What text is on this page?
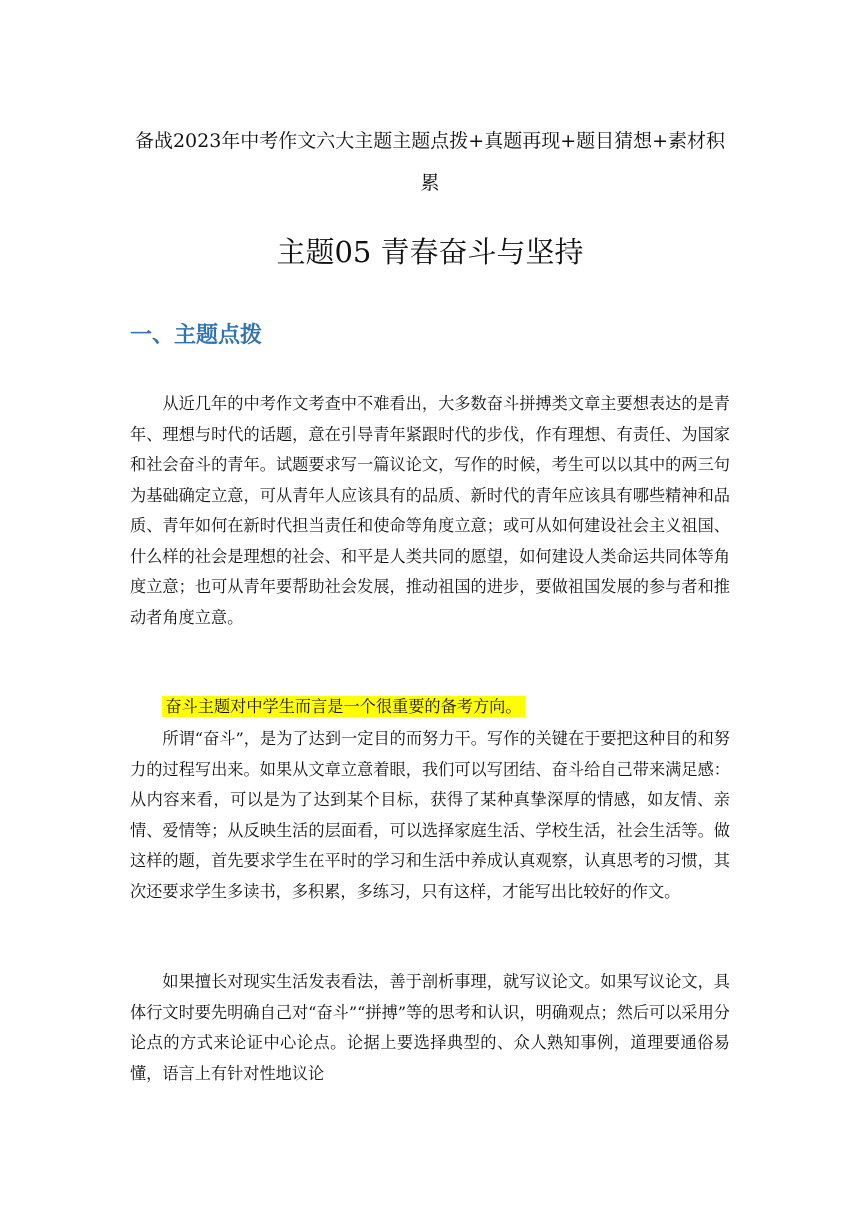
备战2023年中考作文六大主题主题点拨+真题再现+题目猜想+素材积累

主题05 青春奋斗与坚持
一、主题点拨

从近几年的中考作文考查中不难看出，大多数奋斗拼搏类文章主要想表达的是青年、理想与时代的话题，意在引导青年紧跟时代的步伐，作有理想、有责任、为国家和社会奋斗的青年。试题要求写一篇议论文，写作的时候，考生可以以其中的两三句为基础确定立意，可从青年人应该具有的品质、新时代的青年应该具有哪些精神和品质、青年如何在新时代担当责任和使命等角度立意；或可从如何建设社会主义祖国、什么样的社会是理想的社会、和平是人类共同的愿望，如何建设人类命运共同体等角度立意；也可从青年要帮助社会发展，推动祖国的进步，要做祖国发展的参与者和推动者角度立意。

奋斗主题对中学生而言是一个很重要的备考方向。

所谓“奋斗”，是为了达到一定目的而努力干。写作的关键在于要把这种目的和努力的过程写出来。如果从文章立意着眼，我们可以写团结、奋斗给自己带来满足感：从内容来看，可以是为了达到某个目标，获得了某种真挚深厚的情感，如友情、亲情、爱情等；从反映生活的层面看，可以选择家庭生活、学校生活，社会生活等。做这样的题，首先要求学生在平时的学习和生活中养成认真观察，认真思考的习惯，其次还要求学生多读书，多积累，多练习，只有这样，才能写出比较好的作文。

如果擅长对现实生活发表看法，善于剖析事理，就写议论文。如果写议论文，具体行文时要先明确自己对“奋斗”“拼搏”等的思考和认识，明确观点；然后可以采用分论点的方式来论证中心论点。论据上要选择典型的、众人熟知事例，道理要通俗易懂，语言上有针对性地议论
